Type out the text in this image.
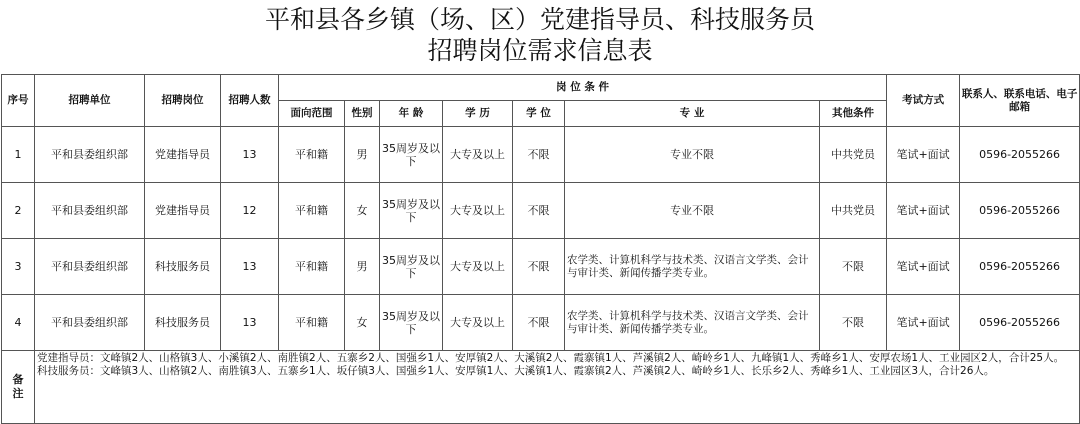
平和县各乡镇（场、区）党建指导员、科技服务员
招聘岗位需求信息表
序号	招聘单位	招聘岗位	招聘人数	岗 位 条 件							考试方式	联系人、联系电话、电子邮箱
				面向范围	性别	年 龄	学 历	学 位	专 业	其他条件		
1	平和县委组织部	党建指导员	13	平和籍	男	35周岁及以下	大专及以上	不限	专业不限	中共党员	笔试+面试	0596-2055266
2	平和县委组织部	党建指导员	12	平和籍	女	35周岁及以下	大专及以上	不限	专业不限	中共党员	笔试+面试	0596-2055266
3	平和县委组织部	科技服务员	13	平和籍	男	35周岁及以下	大专及以上	不限	农学类、计算机科学与技术类、汉语言文学类、会计与审计类、新闻传播学类专业。	不限	笔试+面试	0596-2055266
4	平和县委组织部	科技服务员	13	平和籍	女	35周岁及以下	大专及以上	不限	农学类、计算机科学与技术类、汉语言文学类、会计与审计类、新闻传播学类专业。	不限	笔试+面试	0596-2055266
备注	党建指导员：文峰镇2人、山格镇3人、小溪镇2人、南胜镇2人、五寨乡2人、国强乡1人、安厚镇2人、大溪镇2人、霞寨镇1人、芦溪镇2人、崎岭乡1人、九峰镇1人、秀峰乡1人、安厚农场1人、工业园区2人，合计25人。
科技服务员：文峰镇3人、山格镇2人、南胜镇3人、五寨乡1人、坂仔镇3人、国强乡1人、安厚镇1人、大溪镇1人、霞寨镇2人、芦溪镇2人、崎岭乡1人、长乐乡2人、秀峰乡1人、工业园区3人，合计26人。											
